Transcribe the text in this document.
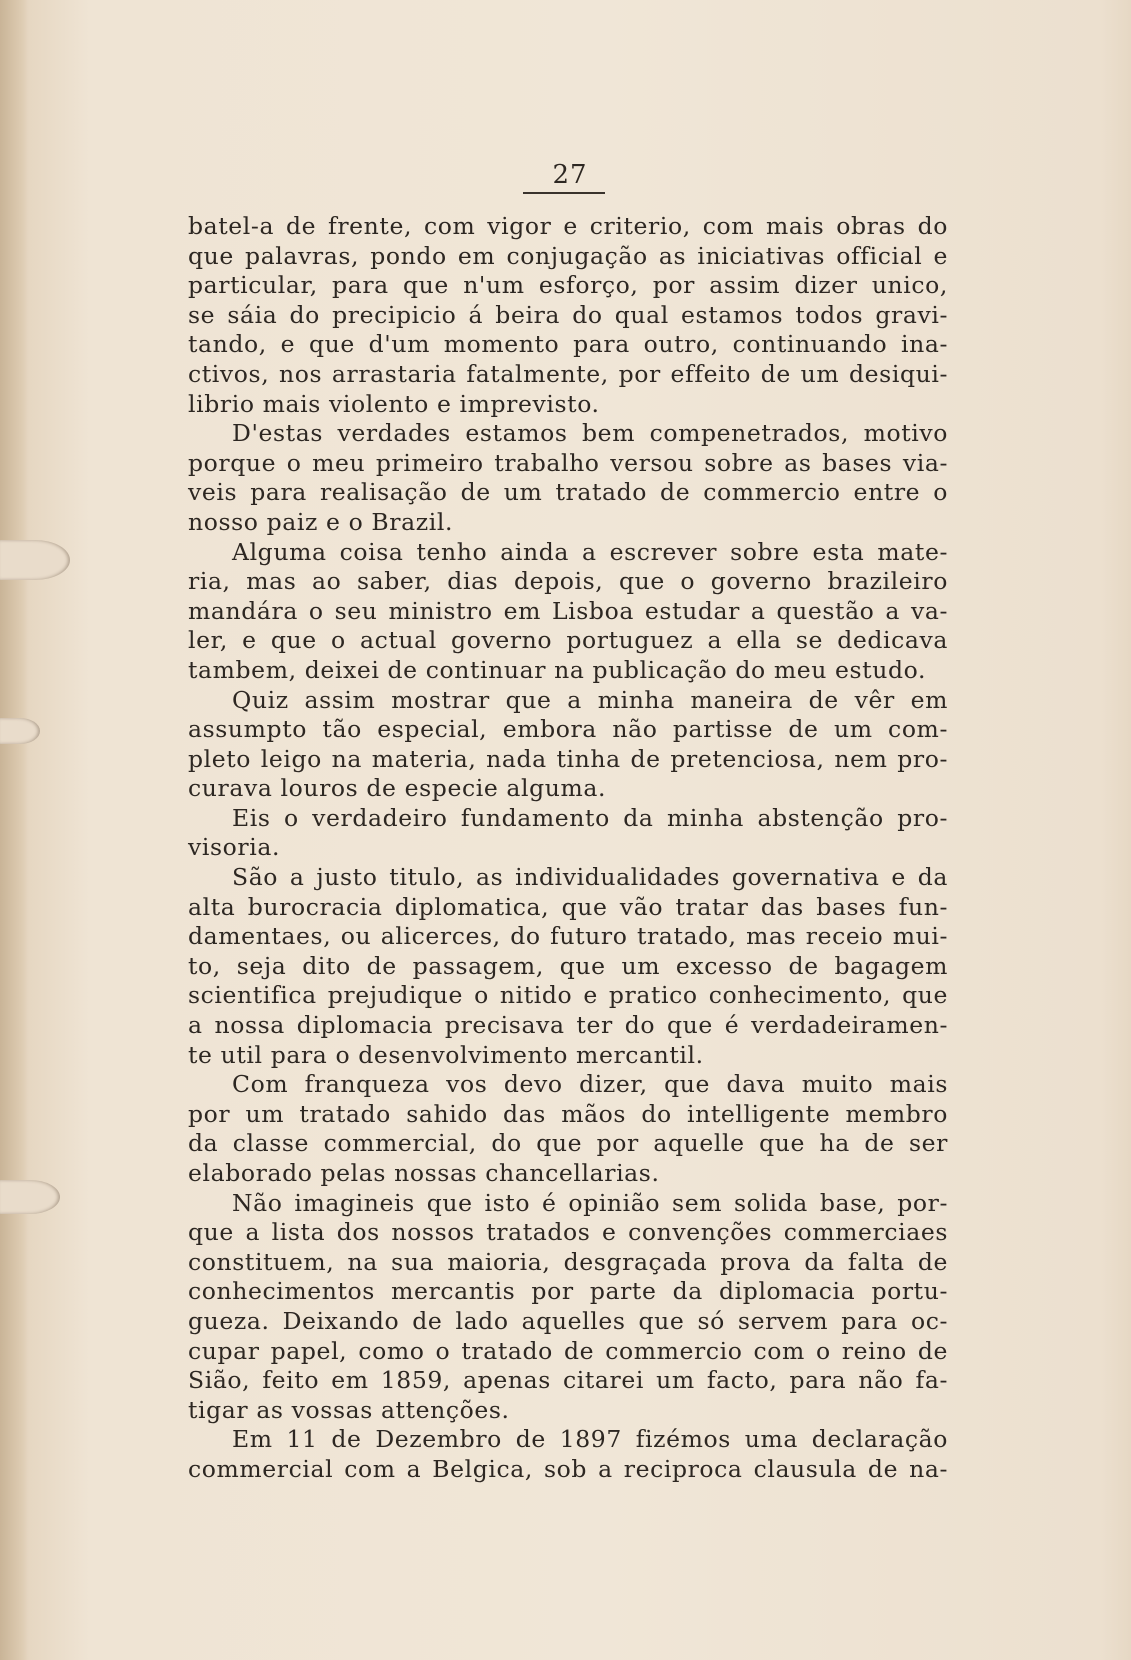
27
batel-a de frente, com vigor e criterio, com mais obras do
que palavras, pondo em conjugação as iniciativas official e
particular, para que n'um esforço, por assim dizer unico,
se sáia do precipicio á beira do qual estamos todos gravi-
tando, e que d'um momento para outro, continuando ina-
ctivos, nos arrastaria fatalmente, por effeito de um desiqui-
librio mais violento e imprevisto.
D'estas verdades estamos bem compenetrados, motivo
porque o meu primeiro trabalho versou sobre as bases via-
veis para realisação de um tratado de commercio entre o
nosso paiz e o Brazil.
Alguma coisa tenho ainda a escrever sobre esta mate-
ria, mas ao saber, dias depois, que o governo brazileiro
mandára o seu ministro em Lisboa estudar a questão a va-
ler, e que o actual governo portuguez a ella se dedicava
tambem, deixei de continuar na publicação do meu estudo.
Quiz assim mostrar que a minha maneira de vêr em
assumpto tão especial, embora não partisse de um com-
pleto leigo na materia, nada tinha de pretenciosa, nem pro-
curava louros de especie alguma.
Eis o verdadeiro fundamento da minha abstenção pro-
visoria.
São a justo titulo, as individualidades governativa e da
alta burocracia diplomatica, que vão tratar das bases fun-
damentaes, ou alicerces, do futuro tratado, mas receio mui-
to, seja dito de passagem, que um excesso de bagagem
scientifica prejudique o nitido e pratico conhecimento, que
a nossa diplomacia precisava ter do que é verdadeiramen-
te util para o desenvolvimento mercantil.
Com franqueza vos devo dizer, que dava muito mais
por um tratado sahido das mãos do intelligente membro
da classe commercial, do que por aquelle que ha de ser
elaborado pelas nossas chancellarias.
Não imagineis que isto é opinião sem solida base, por-
que a lista dos nossos tratados e convenções commerciaes
constituem, na sua maioria, desgraçada prova da falta de
conhecimentos mercantis por parte da diplomacia portu-
gueza. Deixando de lado aquelles que só servem para oc-
cupar papel, como o tratado de commercio com o reino de
Sião, feito em 1859, apenas citarei um facto, para não fa-
tigar as vossas attenções.
Em 11 de Dezembro de 1897 fizémos uma declaração
commercial com a Belgica, sob a reciproca clausula de na-
